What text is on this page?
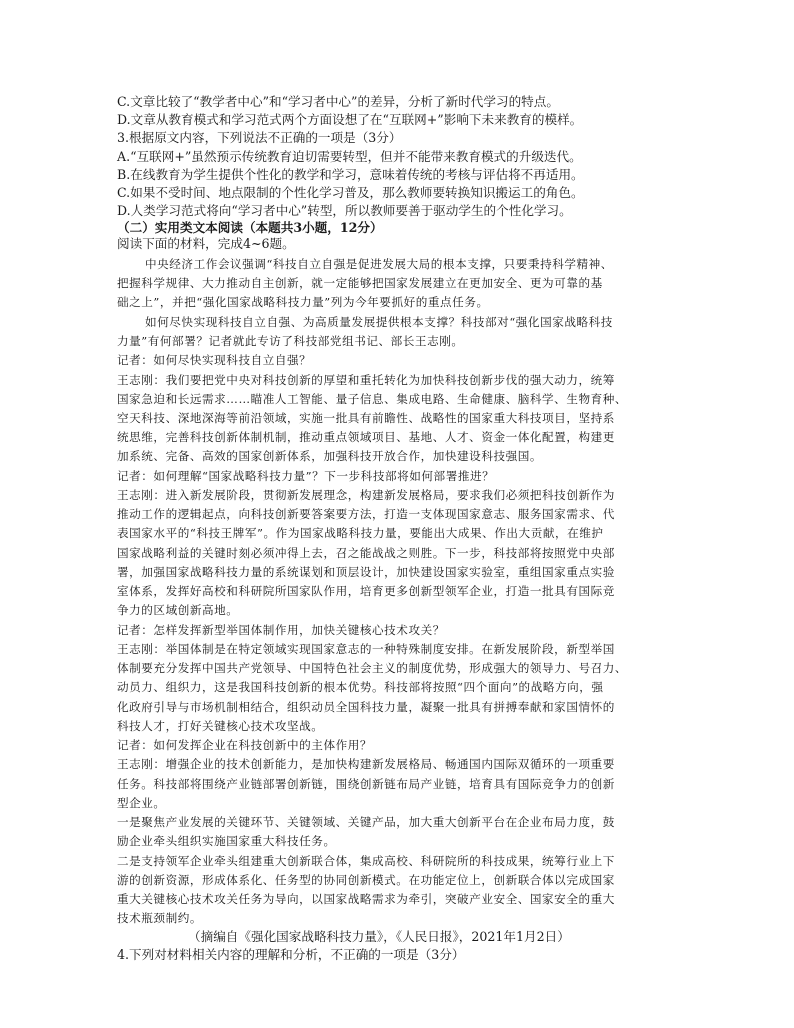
C.文章比较了“教学者中心”和“学习者中心”的差异，分析了新时代学习的特点。
D.文章从教育模式和学习范式两个方面设想了在“互联网+”影响下未来教育的模样。
3.根据原文内容，下列说法不正确的一项是（3分）
A.“互联网+”虽然预示传统教育迫切需要转型，但并不能带来教育模式的升级迭代。
B.在线教育为学生提供个性化的教学和学习，意味着传统的考核与评估将不再适用。
C.如果不受时间、地点限制的个性化学习普及，那么教师要转换知识搬运工的角色。
D.人类学习范式将向“学习者中心”转型，所以教师要善于驱动学生的个性化学习。
（二）实用类文本阅读（本题共3小题，12分）
阅读下面的材料，完成4~6题。
中央经济工作会议强调“科技自立自强是促进发展大局的根本支撑，只要秉持科学精神、
把握科学规律、大力推动自主创新，就一定能够把国家发展建立在更加安全、更为可靠的基
础之上”，并把“强化国家战略科技力量”列为今年要抓好的重点任务。
如何尽快实现科技自立自强、为高质量发展提供根本支撑？科技部对“强化国家战略科技
力量”有何部署？记者就此专访了科技部党组书记、部长王志刚。
记者：如何尽快实现科技自立自强？
王志刚：我们要把党中央对科技创新的厚望和重托转化为加快科技创新步伐的强大动力，统筹
国家急迫和长远需求……瞄准人工智能、量子信息、集成电路、生命健康、脑科学、生物育种、
空天科技、深地深海等前沿领域，实施一批具有前瞻性、战略性的国家重大科技项目，坚持系
统思维，完善科技创新体制机制，推动重点领域项目、基地、人才、资金一体化配置，构建更
加系统、完备、高效的国家创新体系，加强科技开放合作，加快建设科技强国。
记者：如何理解“国家战略科技力量”？下一步科技部将如何部署推进？
王志刚：进入新发展阶段，贯彻新发展理念，构建新发展格局，要求我们必须把科技创新作为
推动工作的逻辑起点，向科技创新要答案要方法，打造一支体现国家意志、服务国家需求、代
表国家水平的“科技王牌军”。作为国家战略科技力量，要能出大成果、作出大贡献，在维护
国家战略利益的关键时刻必须冲得上去，召之能战战之则胜。下一步，科技部将按照党中央部
署，加强国家战略科技力量的系统谋划和顶层设计，加快建设国家实验室，重组国家重点实验
室体系，发挥好高校和科研院所国家队作用，培育更多创新型领军企业，打造一批具有国际竞
争力的区域创新高地。
记者：怎样发挥新型举国体制作用，加快关键核心技术攻关？
王志刚：举国体制是在特定领域实现国家意志的一种特殊制度安排。在新发展阶段，新型举国
体制要充分发挥中国共产党领导、中国特色社会主义的制度优势，形成强大的领导力、号召力、
动员力、组织力，这是我国科技创新的根本优势。科技部将按照“四个面向”的战略方向，强
化政府引导与市场机制相结合，组织动员全国科技力量，凝聚一批具有拼搏奉献和家国情怀的
科技人才，打好关键核心技术攻坚战。
记者：如何发挥企业在科技创新中的主体作用？
王志刚：增强企业的技术创新能力，是加快构建新发展格局、畅通国内国际双循环的一项重要
任务。科技部将围绕产业链部署创新链，围绕创新链布局产业链，培育具有国际竞争力的创新
型企业。
一是聚焦产业发展的关键环节、关键领域、关键产品，加大重大创新平台在企业布局力度，鼓
励企业牵头组织实施国家重大科技任务。
二是支持领军企业牵头组建重大创新联合体，集成高校、科研院所的科技成果，统筹行业上下
游的创新资源，形成体系化、任务型的协同创新模式。在功能定位上，创新联合体以完成国家
重大关键核心技术攻关任务为导向，以国家战略需求为牵引，突破产业安全、国家安全的重大
技术瓶颈制约。
（摘编自《强化国家战略科技力量》，《人民日报》，2021年1月2日）
4.下列对材料相关内容的理解和分析，不正确的一项是（3分）
